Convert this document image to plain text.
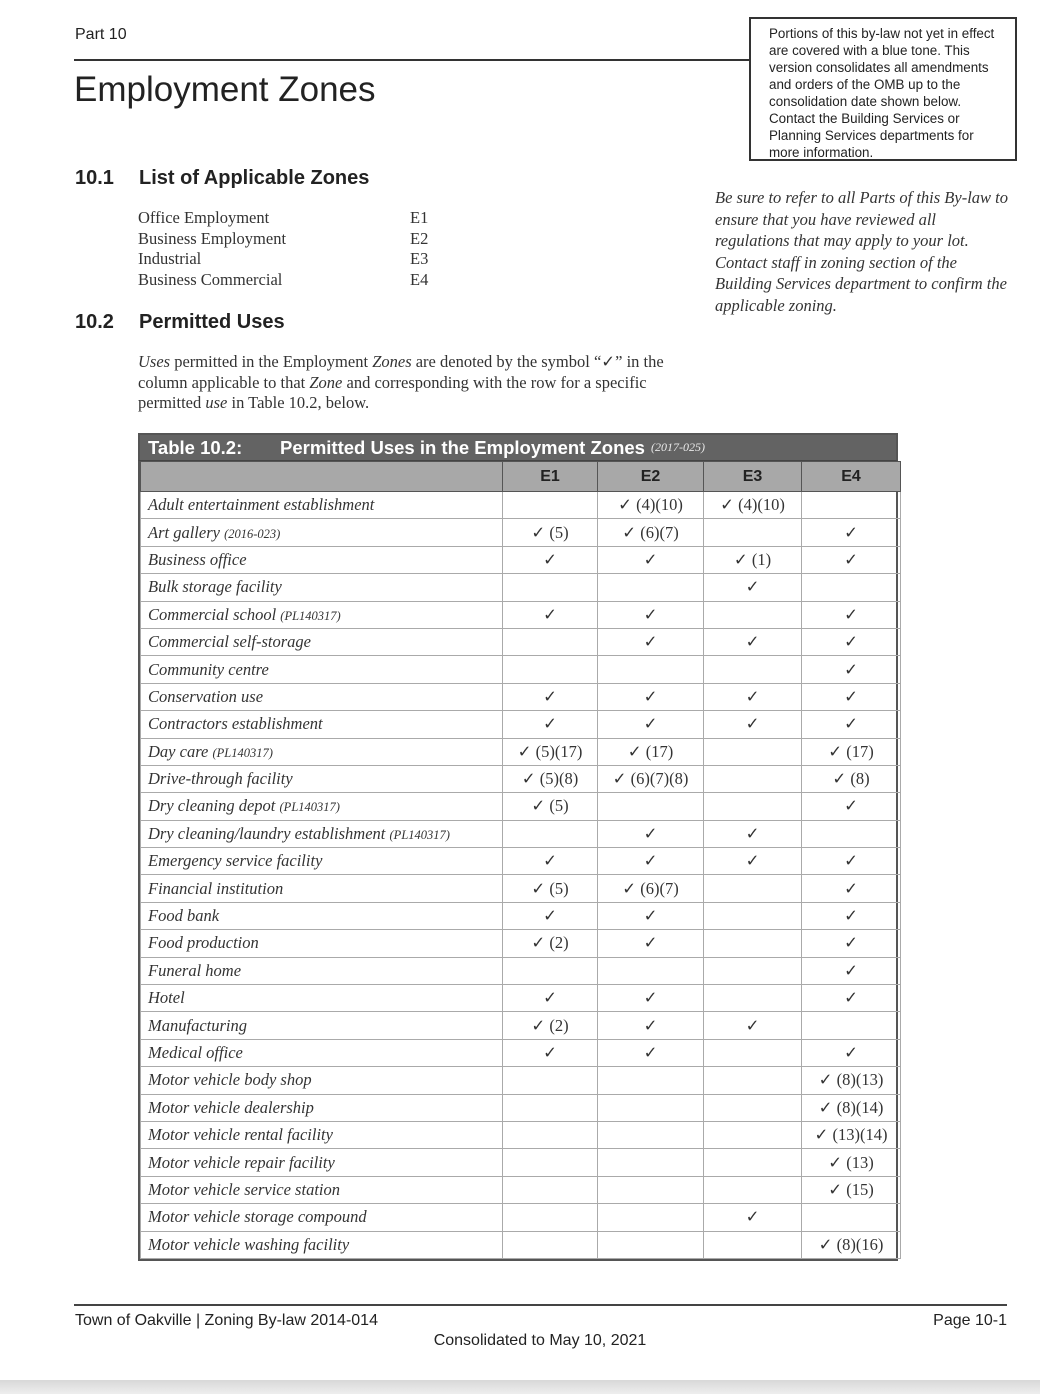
Part 10
Employment Zones
Portions of this by-law not yet in effect are covered with a blue tone. This version consolidates all amendments and orders of the OMB up to the consolidation date shown below. Contact the Building Services or Planning Services departments for more information.
Be sure to refer to all Parts of this By-law to ensure that you have reviewed all regulations that may apply to your lot. Contact staff in zoning section of the Building Services department to confirm the applicable zoning.
10.1 List of Applicable Zones
Office Employment	E1
Business Employment	E2
Industrial	E3
Business Commercial	E4
10.2 Permitted Uses
Uses permitted in the Employment Zones are denoted by the symbol “✓” in the column applicable to that Zone and corresponding with the row for a specific permitted use in Table 10.2, below.
Table 10.2:	Permitted Uses in the Employment Zones (2017-025)
	E1	E2	E3	E4
Adult entertainment establishment		✓ (4)(10)	✓ (4)(10)	
Art gallery (2016-023)	✓ (5)	✓ (6)(7)		✓
Business office	✓	✓	✓ (1)	✓
Bulk storage facility			✓	
Commercial school (PL140317)	✓	✓		✓
Commercial self-storage		✓	✓	✓
Community centre				✓
Conservation use	✓	✓	✓	✓
Contractors establishment	✓	✓	✓	✓
Day care (PL140317)	✓ (5)(17)	✓ (17)		✓ (17)
Drive-through facility	✓ (5)(8)	✓ (6)(7)(8)		✓ (8)
Dry cleaning depot (PL140317)	✓ (5)			✓
Dry cleaning/laundry establishment (PL140317)		✓	✓	
Emergency service facility	✓	✓	✓	✓
Financial institution	✓ (5)	✓ (6)(7)		✓
Food bank	✓	✓		✓
Food production	✓ (2)	✓		✓
Funeral home				✓
Hotel	✓	✓		✓
Manufacturing	✓ (2)	✓	✓	
Medical office	✓	✓		✓
Motor vehicle body shop				✓ (8)(13)
Motor vehicle dealership				✓ (8)(14)
Motor vehicle rental facility				✓ (13)(14)
Motor vehicle repair facility				✓ (13)
Motor vehicle service station				✓ (15)
Motor vehicle storage compound			✓	
Motor vehicle washing facility				✓ (8)(16)
Town of Oakville | Zoning By-law 2014-014	Page 10-1
Consolidated to May 10, 2021
